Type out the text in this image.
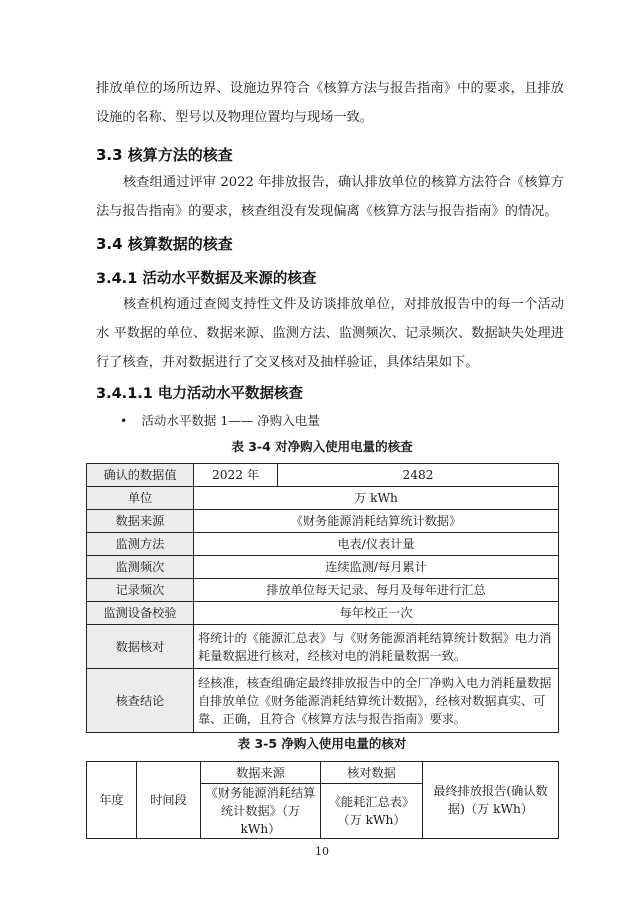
排放单位的场所边界、设施边界符合《核算方法与报告指南》中的要求，且排放设施的名称、型号以及物理位置均与现场一致。
3.3 核算方法的核查
核查组通过评审 2022 年排放报告，确认排放单位的核算方法符合《核算方法与报告指南》的要求，核查组没有发现偏离《核算方法与报告指南》的情况。
3.4 核算数据的核查
3.4.1 活动水平数据及来源的核查
核查机构通过查阅支持性文件及访谈排放单位，对排放报告中的每一个活动水 平数据的单位、数据来源、监测方法、监测频次、记录频次、数据缺失处理进行了核查，并对数据进行了交叉核对及抽样验证，具体结果如下。
3.4.1.1 电力活动水平数据核查
• 活动水平数据 1—— 净购入电量
表 3-4 对净购入使用电量的核查
确认的数据值	2022 年	2482
单位	万 kWh	
数据来源	《财务能源消耗结算统计数据》	
监测方法	电表/仪表计量	
监测频次	连续监测/每月累计	
记录频次	排放单位每天记录、每月及每年进行汇总	
监测设备校验	每年校正一次	
数据核对	将统计的《能源汇总表》与《财务能源消耗结算统计数据》电力消耗量数据进行核对，经核对电的消耗量数据一致。	
核查结论	经核准，核查组确定最终排放报告中的全厂净购入电力消耗量数据自排放单位《财务能源消耗结算统计数据》，经核对数据真实、可靠、正确，且符合《核算方法与报告指南》要求。	
表 3-5 净购入使用电量的核对
年度	时间段	数据来源	核对数据	最终排放报告(确认数据)（万 kWh）
		《财务能源消耗结算统计数据》（万 kWh）	《能耗汇总表》（万 kWh）	
10
